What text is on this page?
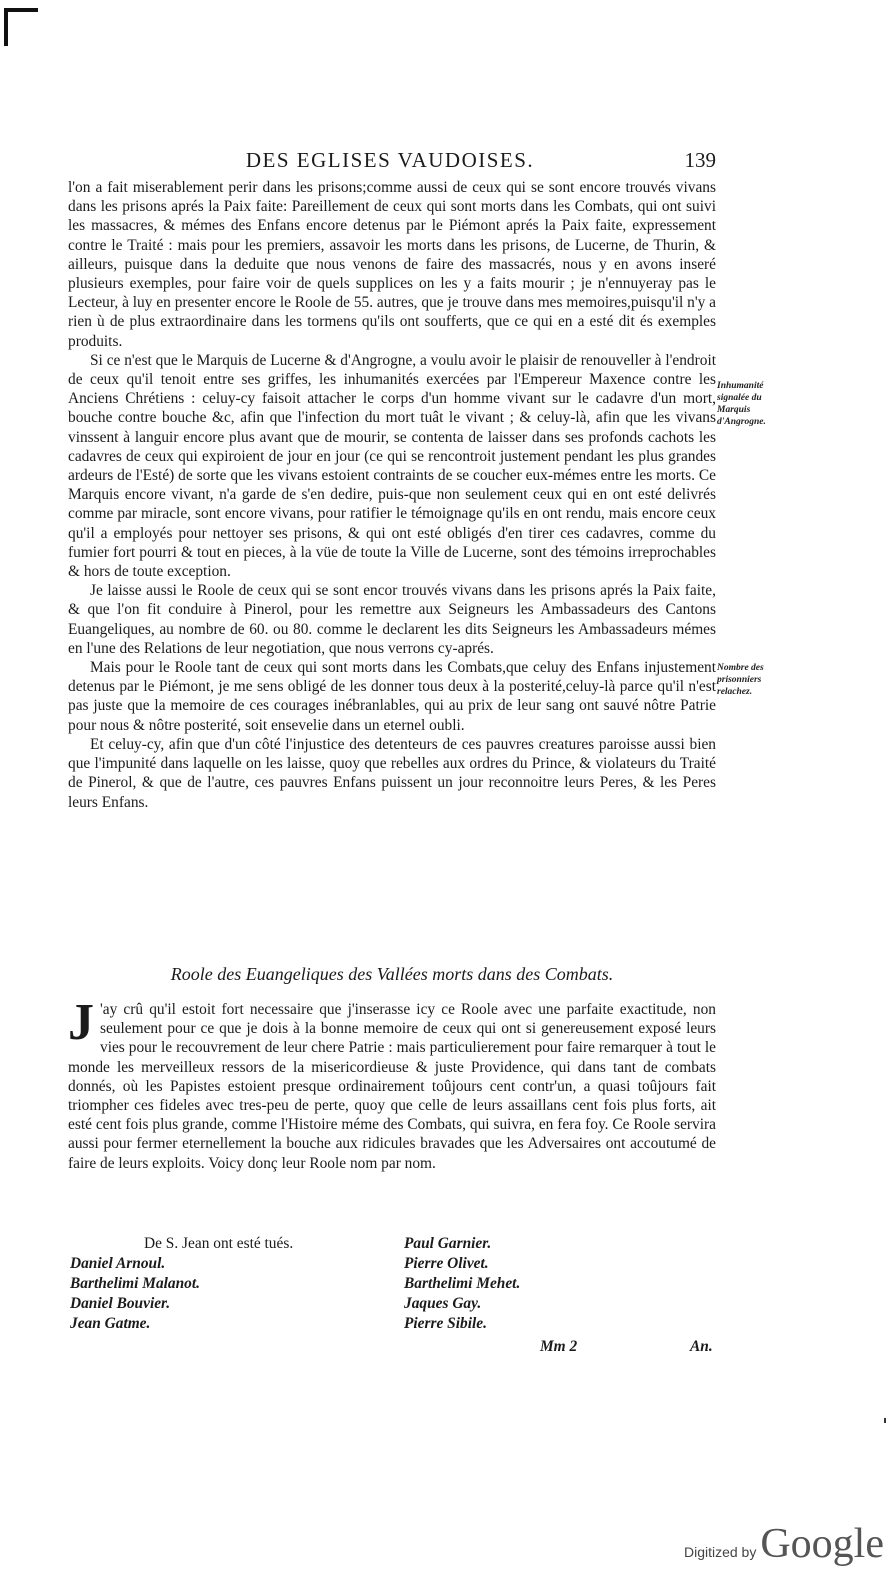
DES EGLISES VAUDOISES.	139

l'on a fait miserablement perir dans les prisons;comme aussi de ceux qui se sont encore trouvés vivans dans les prisons aprés la Paix faite: Pareillement de ceux qui sont morts dans les Combats, qui ont suivi les massacres, & mémes des Enfans encore detenus par le Piémont aprés la Paix faite, expressement contre le Traité : mais pour les premiers, assavoir les morts dans les prisons, de Lucerne, de Thurin, & ailleurs, puisque dans la deduite que nous venons de faire des massacrés, nous y en avons inseré plusieurs exemples, pour faire voir de quels supplices on les y a faits mourir ; je n'ennuyeray pas le Lecteur, à luy en presenter encore le Roole de 55. autres, que je trouve dans mes memoires,puisqu'il n'y a rien ù de plus extraordinaire dans les tormens qu'ils ont soufferts, que ce qui en a esté dit és exemples produits.

Si ce n'est que le Marquis de Lucerne & d'Angrogne, a voulu avoir le plaisir de renouveller à l'endroit de ceux qu'il tenoit entre ses griffes, les inhumanités exercées par l'Empereur Maxence contre les Anciens Chrétiens : celuy-cy faisoit attacher le corps d'un homme vivant sur le cadavre d'un mort, bouche contre bouche &c, afin que l'infection du mort tuât le vivant ; & celuy-là, afin que les vivans vinssent à languir encore plus avant que de mourir, se contenta de laisser dans ses profonds cachots les cadavres de ceux qui expiroient de jour en jour (ce qui se rencontroit justement pendant les plus grandes ardeurs de l'Esté) de sorte que les vivans estoient contraints de se coucher eux-mémes entre les morts. Ce Marquis encore vivant, n'a garde de s'en dedire, puis-que non seulement ceux qui en ont esté delivrés comme par miracle, sont encore vivans, pour ratifier le témoignage qu'ils en ont rendu, mais encore ceux qu'il a employés pour nettoyer ses prisons, & qui ont esté obligés d'en tirer ces cadavres, comme du fumier fort pourri & tout en pieces, à la vüe de toute la Ville de Lucerne, sont des témoins irreprochables & hors de toute exception.

Je laisse aussi le Roole de ceux qui se sont encor trouvés vivans dans les prisons aprés la Paix faite, & que l'on fit conduire à Pinerol, pour les remettre aux Seigneurs les Ambassadeurs des Cantons Euangeliques, au nombre de 60. ou 80. comme le declarent les dits Seigneurs les Ambassadeurs mémes en l'une des Relations de leur negotiation, que nous verrons cy-aprés.

Mais pour le Roole tant de ceux qui sont morts dans les Combats,que celuy des Enfans injustement detenus par le Piémont, je me sens obligé de les donner tous deux à la posterité,celuy-là parce qu'il n'est pas juste que la memoire de ces courages inébranlables, qui au prix de leur sang ont sauvé nôtre Patrie pour nous & nôtre posterité, soit ensevelie dans un eternel oubli.

Et celuy-cy, afin que d'un côté l'injustice des detenteurs de ces pauvres creatures paroisse aussi bien que l'impunité dans laquelle on les laisse, quoy que rebelles aux ordres du Prince, & violateurs du Traité de Pinerol, & que de l'autre, ces pauvres Enfans puissent un jour reconnoitre leurs Peres, & les Peres leurs Enfans.

Inhumanité signalée du Marquis d'Angrogne.
Nombre des prisonniers relachez.
Roole des Euangeliques des Vallées morts dans des Combats.
J 'ay crû qu'il estoit fort necessaire que j'inserasse icy ce Roole avec une parfaite exactitude, non seulement pour ce que je dois à la bonne memoire de ceux qui ont si genereusement exposé leurs vies pour le recouvrement de leur chere Patrie : mais particulierement pour faire remarquer à tout le monde les merveilleux ressors de la misericordieuse & juste Providence, qui dans tant de combats donnés, où les Papistes estoient presque ordinairement toûjours cent contr'un, a quasi toûjours fait triompher ces fideles avec tres-peu de perte, quoy que celle de leurs assaillans cent fois plus forts, ait esté cent fois plus grande, comme l'Histoire méme des Combats, qui suivra, en fera foy. Ce Roole servira aussi pour fermer eternellement la bouche aux ridicules bravades que les Adversaires ont accoutumé de faire de leurs exploits. Voicy donç leur Roole nom par nom.

De S. Jean ont esté tués.
Daniel Arnoul.
Barthelimi Malanot.
Daniel Bouvier.
Jean Gatme.
Paul Garnier.
Pierre Olivet.
Barthelimi Mehet.
Jaques Gay.
Pierre Sibile.
Mm 2	An.
Digitized by Google
